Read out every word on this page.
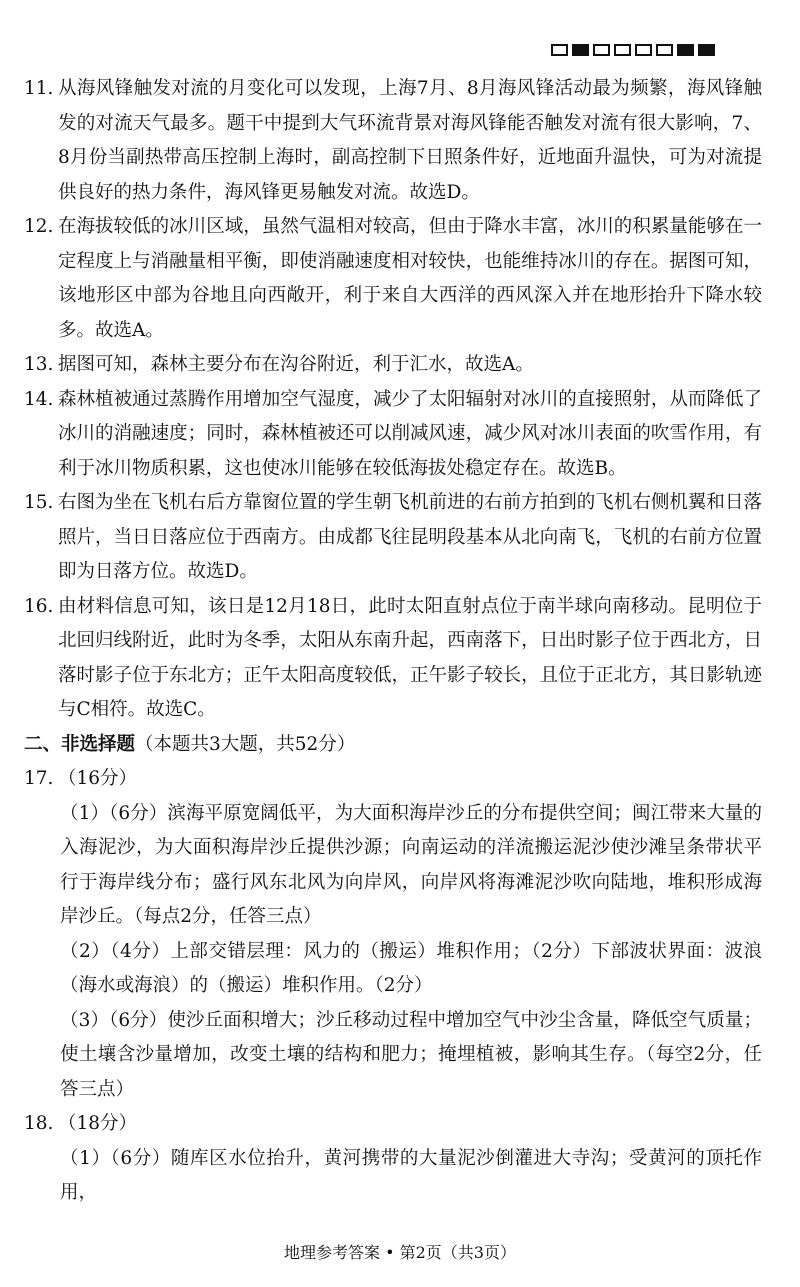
11. 从海风锋触发对流的月变化可以发现，上海7月、8月海风锋活动最为频繁，海风锋触发的对流天气最多。题干中提到大气环流背景对海风锋能否触发对流有很大影响，7、8月份当副热带高压控制上海时，副高控制下日照条件好，近地面升温快，可为对流提供良好的热力条件，海风锋更易触发对流。故选D。
12. 在海拔较低的冰川区域，虽然气温相对较高，但由于降水丰富，冰川的积累量能够在一定程度上与消融量相平衡，即使消融速度相对较快，也能维持冰川的存在。据图可知，该地形区中部为谷地且向西敞开，利于来自大西洋的西风深入并在地形抬升下降水较多。故选A。
13. 据图可知，森林主要分布在沟谷附近，利于汇水，故选A。
14. 森林植被通过蒸腾作用增加空气湿度，减少了太阳辐射对冰川的直接照射，从而降低了冰川的消融速度；同时，森林植被还可以削减风速，减少风对冰川表面的吹雪作用，有利于冰川物质积累，这也使冰川能够在较低海拔处稳定存在。故选B。
15. 右图为坐在飞机右后方靠窗位置的学生朝飞机前进的右前方拍到的飞机右侧机翼和日落照片，当日日落应位于西南方。由成都飞往昆明段基本从北向南飞，飞机的右前方位置即为日落方位。故选D。
16. 由材料信息可知，该日是12月18日，此时太阳直射点位于南半球向南移动。昆明位于北回归线附近，此时为冬季，太阳从东南升起，西南落下，日出时影子位于西北方，日落时影子位于东北方；正午太阳高度较低，正午影子较长，且位于正北方，其日影轨迹与C相符。故选C。
二、非选择题（本题共3大题，共52分）
17. （16分）
（1）（6分）滨海平原宽阔低平，为大面积海岸沙丘的分布提供空间；闽江带来大量的入海泥沙，为大面积海岸沙丘提供沙源；向南运动的洋流搬运泥沙使沙滩呈条带状平行于海岸线分布；盛行风东北风为向岸风，向岸风将海滩泥沙吹向陆地，堆积形成海岸沙丘。（每点2分，任答三点）
（2）（4分）上部交错层理：风力的（搬运）堆积作用；（2分）下部波状界面：波浪（海水或海浪）的（搬运）堆积作用。（2分）
（3）（6分）使沙丘面积增大；沙丘移动过程中增加空气中沙尘含量，降低空气质量；使土壤含沙量增加，改变土壤的结构和肥力；掩埋植被，影响其生存。（每空2分，任答三点）
18. （18分）
（1）（6分）随库区水位抬升，黄河携带的大量泥沙倒灌进大寺沟；受黄河的顶托作用，
地理参考答案 • 第2页（共3页）
